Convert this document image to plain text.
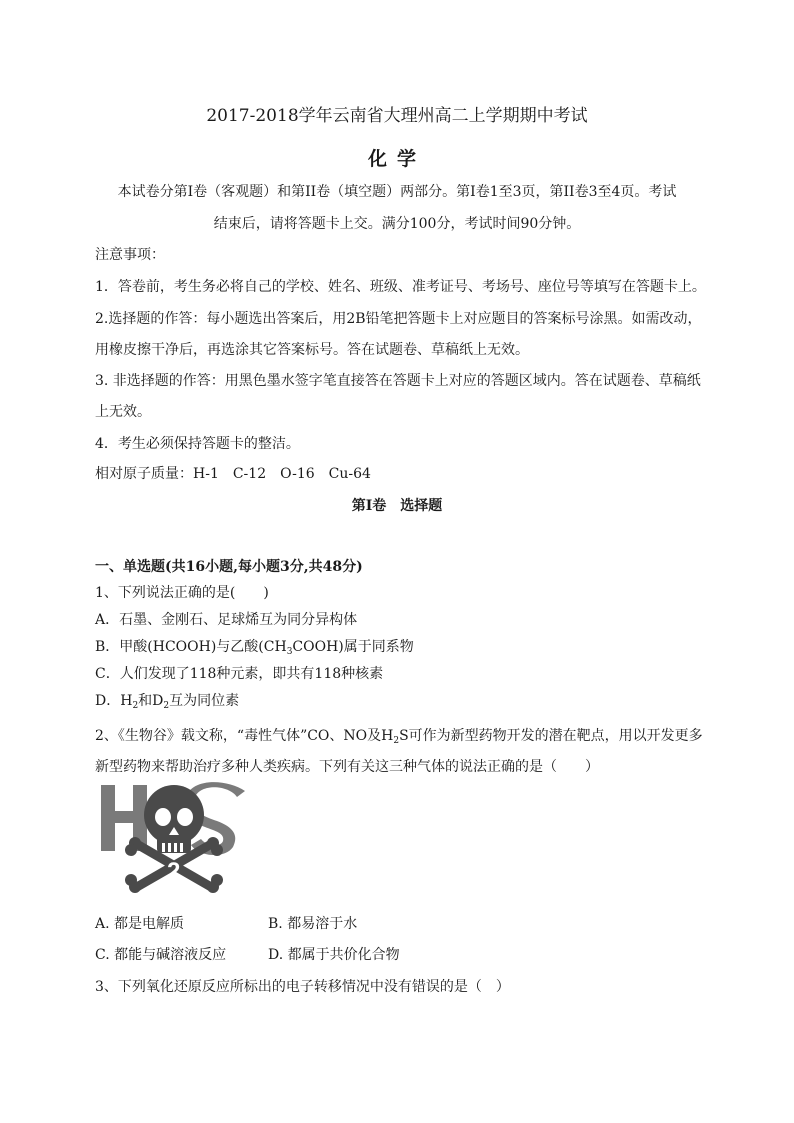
2017-2018学年云南省大理州高二上学期期中考试
化学
本试卷分第I卷（客观题）和第II卷（填空题）两部分。第I卷1至3页，第II卷3至4页。考试
结束后，请将答题卡上交。满分100分，考试时间90分钟。
注意事项：
1．答卷前，考生务必将自己的学校、姓名、班级、准考证号、考场号、座位号等填写在答题卡上。
2.选择题的作答：每小题选出答案后，用2B铅笔把答题卡上对应题目的答案标号涂黑。如需改动，
用橡皮擦干净后，再选涂其它答案标号。答在试题卷、草稿纸上无效。
3. 非选择题的作答：用黑色墨水签字笔直接答在答题卡上对应的答题区域内。答在试题卷、草稿纸
上无效。
4．考生必须保持答题卡的整洁。
相对原子质量：H-1　C-12　O-16　Cu-64
第I卷　选择题
一、单选题(共16小题,每小题3分,共48分)
1、下列说法正确的是(　　)
A．石墨、金刚石、足球烯互为同分异构体
B．甲酸(HCOOH)与乙酸$(CH_3COOH)$属于同系物
C．人们发现了118种元素，即共有118种核素
D．$H_2$和$D_2$互为同位素
2、《生物谷》载文称，“毒性气体”CO、NO及$H_2S$可作为新型药物开发的潜在靶点，用以开发更多
新型药物来帮助治疗多种人类疾病。下列有关这三种气体的说法正确的是（　　）
2
A. 都是电解质	B. 都易溶于水
C. 都能与碱溶液反应	D. 都属于共价化合物
3、下列氧化还原反应所标出的电子转移情况中没有错误的是（　）
